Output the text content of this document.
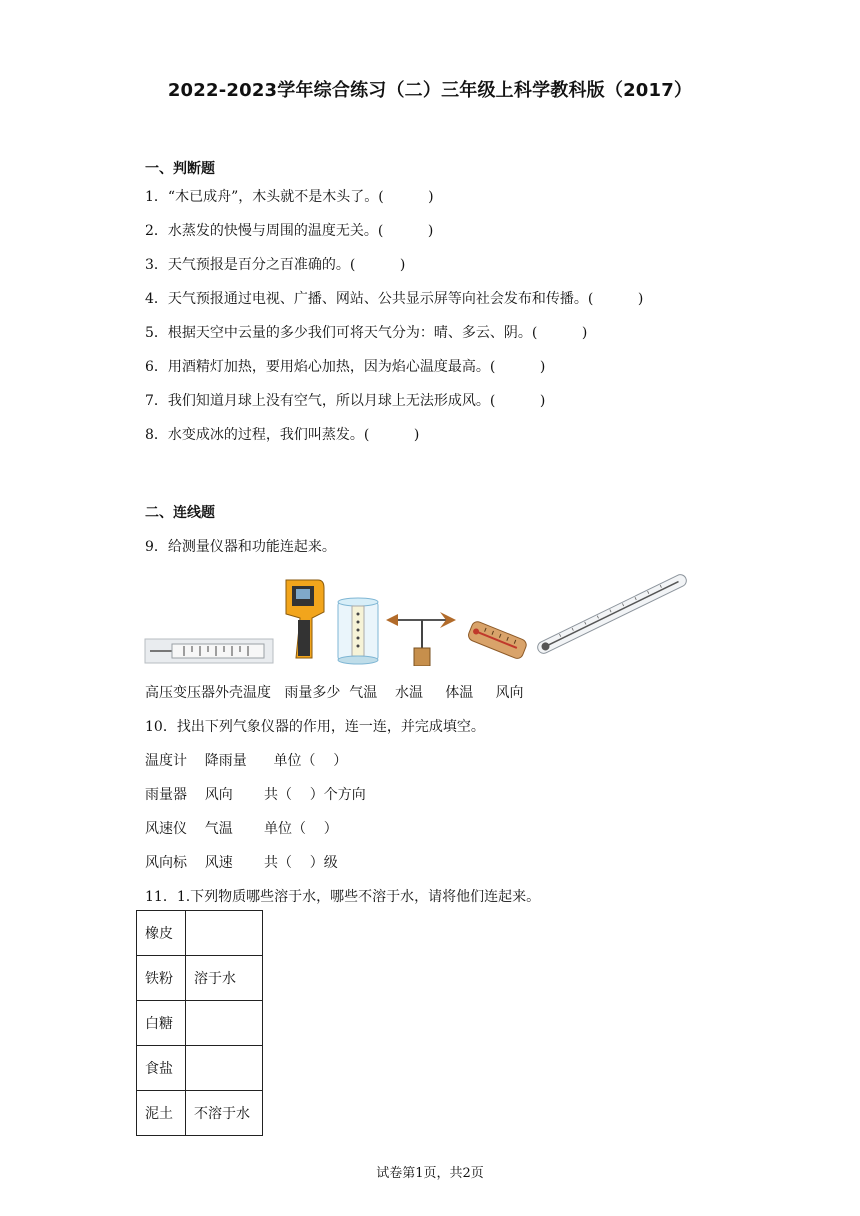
2022-2023学年综合练习（二）三年级上科学教科版（2017）
一、判断题
1．“木已成舟”，木头就不是木头了。(          )
2．水蒸发的快慢与周围的温度无关。(          )
3．天气预报是百分之百准确的。(          )
4．天气预报通过电视、广播、网站、公共显示屏等向社会发布和传播。(          )
5．根据天空中云量的多少我们可将天气分为：晴、多云、阴。(          )
6．用酒精灯加热，要用焰心加热，因为焰心温度最高。(          )
7．我们知道月球上没有空气，所以月球上无法形成风。(          )
8．水变成冰的过程，我们叫蒸发。(          )
二、连线题
9．给测量仪器和功能连起来。
高压变压器外壳温度   雨量多少  气温    水温     体温     风向
10．找出下列气象仪器的作用，连一连，并完成填空。
温度计    降雨量      单位（    ）
雨量器    风向       共（    ）个方向
风速仪    气温       单位（    ）
风向标    风速       共（    ）级
11．1.下列物质哪些溶于水，哪些不溶于水，请将他们连起来。
橡皮	
铁粉	溶于水
白糖	
食盐	
泥土	不溶于水
试卷第1页，共2页
